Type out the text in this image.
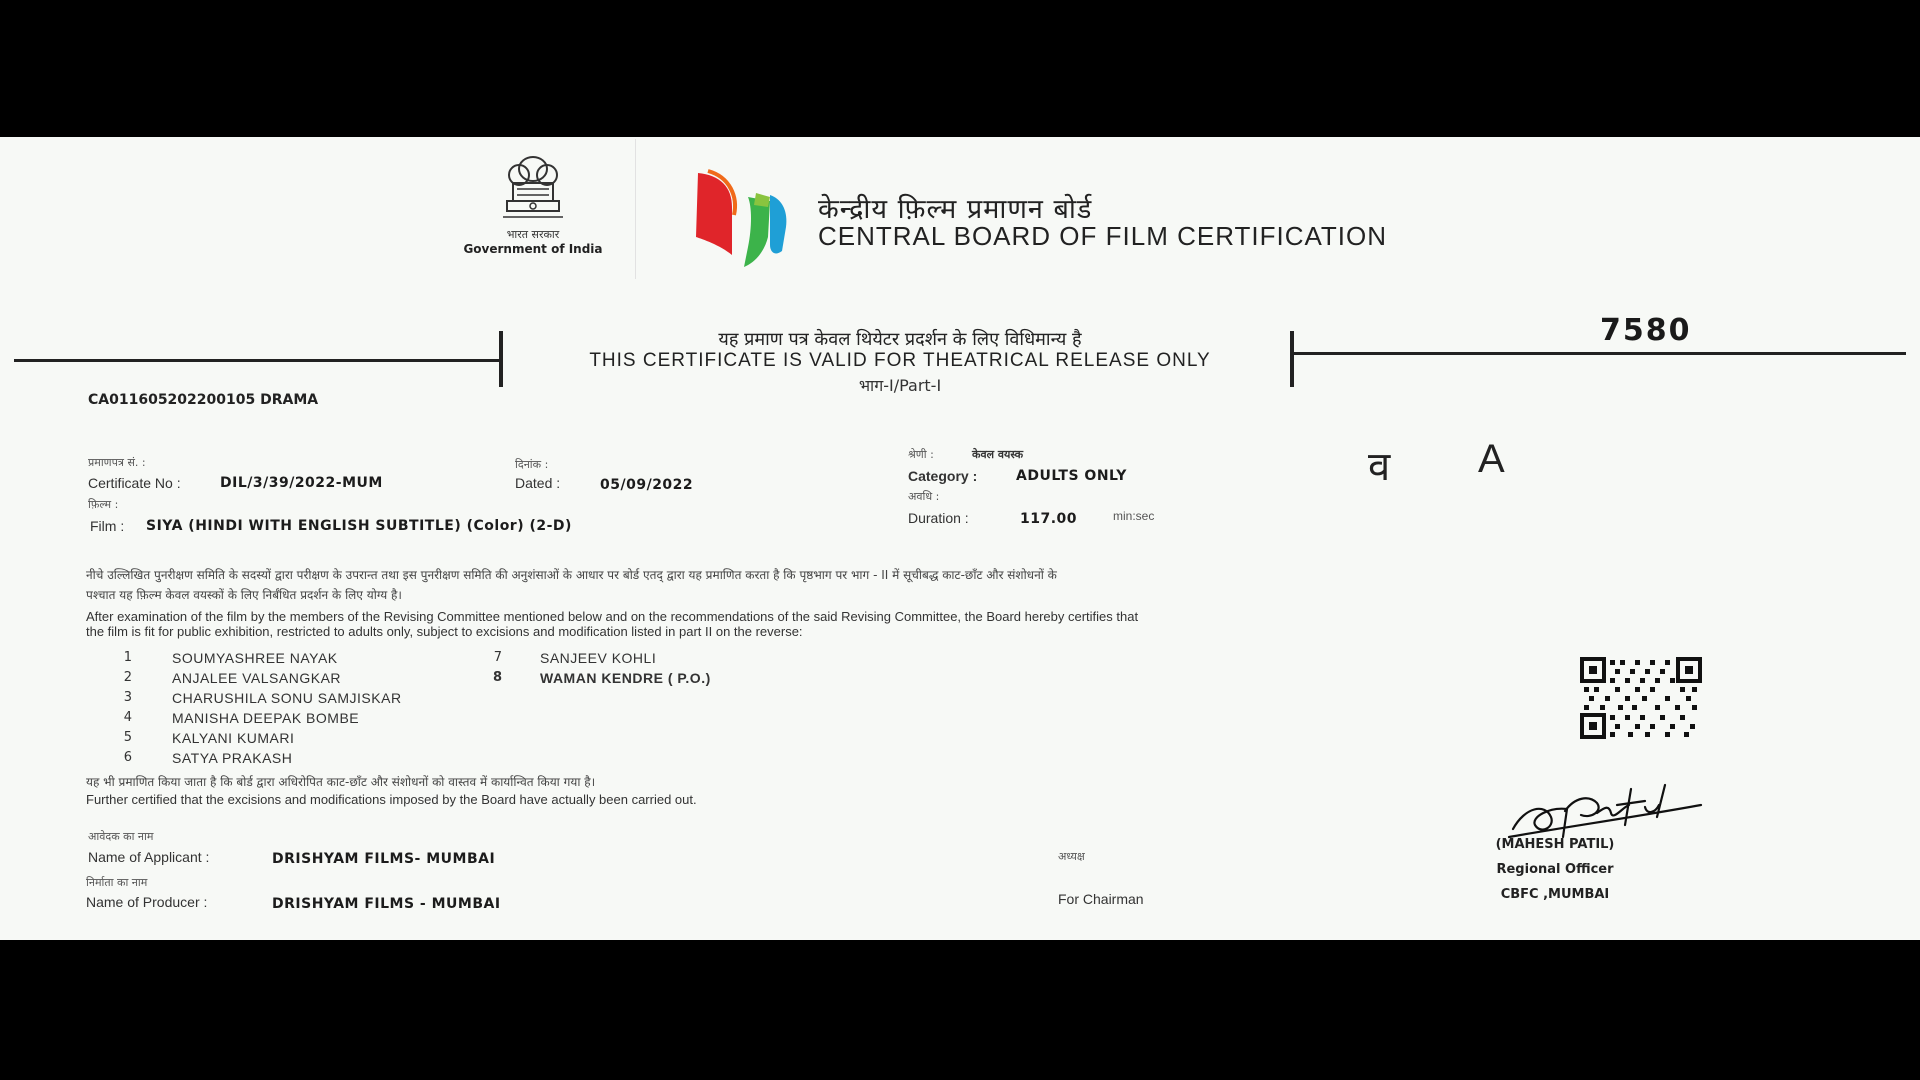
भारत सरकार
Government of India
केन्द्रीय फ़िल्म प्रमाणन बोर्ड
CENTRAL BOARD OF FILM CERTIFICATION
यह प्रमाण पत्र केवल थियेटर प्रदर्शन के लिए विधिमान्य है
THIS CERTIFICATE IS VALID FOR THEATRICAL RELEASE ONLY
भाग-I/Part-I
7580
CA011605202200105 DRAMA
प्रमाणपत्र सं. :
Certificate No :	DIL/3/39/2022-MUM
दिनांक :
Dated :	05/09/2022
फ़िल्म :
Film : SIYA (HINDI WITH ENGLISH SUBTITLE) (Color) (2-D)
श्रेणी :	केवल वयस्क
Category :	ADULTS ONLY
अवधि :
Duration :	117.00	min:sec
व A
नीचे उल्लिखित पुनरीक्षण समिति के सदस्यों द्वारा परीक्षण के उपरान्त तथा इस पुनरीक्षण समिति की अनुशंसाओं के आधार पर बोर्ड एतद् द्वारा यह प्रमाणित करता है कि पृष्ठभाग पर भाग - II में सूचीबद्ध काट-छाँट और संशोधनों के
पश्चात यह फ़िल्म केवल वयस्कों के लिए निर्बंधित प्रदर्शन के लिए योग्य है।
After examination of the film by the members of the Revising Committee mentioned below and on the recommendations of the said Revising Committee, the Board hereby certifies that
the film is fit for public exhibition, restricted to adults only, subject to excisions and modification listed in part II on the reverse:
1	SOUMYASHREE NAYAK
2	ANJALEE VALSANGKAR
3	CHARUSHILA SONU SAMJISKAR
4	MANISHA DEEPAK BOMBE
5	KALYANI KUMARI
6	SATYA PRAKASH
7	SANJEEV KOHLI
8	WAMAN KENDRE ( P.O.)
यह भी प्रमाणित किया जाता है कि बोर्ड द्वारा अधिरोपित काट-छाँट और संशोधनों को वास्तव में कार्यान्वित किया गया है।
Further certified that the excisions and modifications imposed by the Board have actually been carried out.
आवेदक का नाम
Name of Applicant :	DRISHYAM FILMS- MUMBAI
निर्माता का नाम
Name of Producer :	DRISHYAM FILMS - MUMBAI
अध्यक्ष
For Chairman
(MAHESH PATIL)
Regional Officer
CBFC ,MUMBAI
